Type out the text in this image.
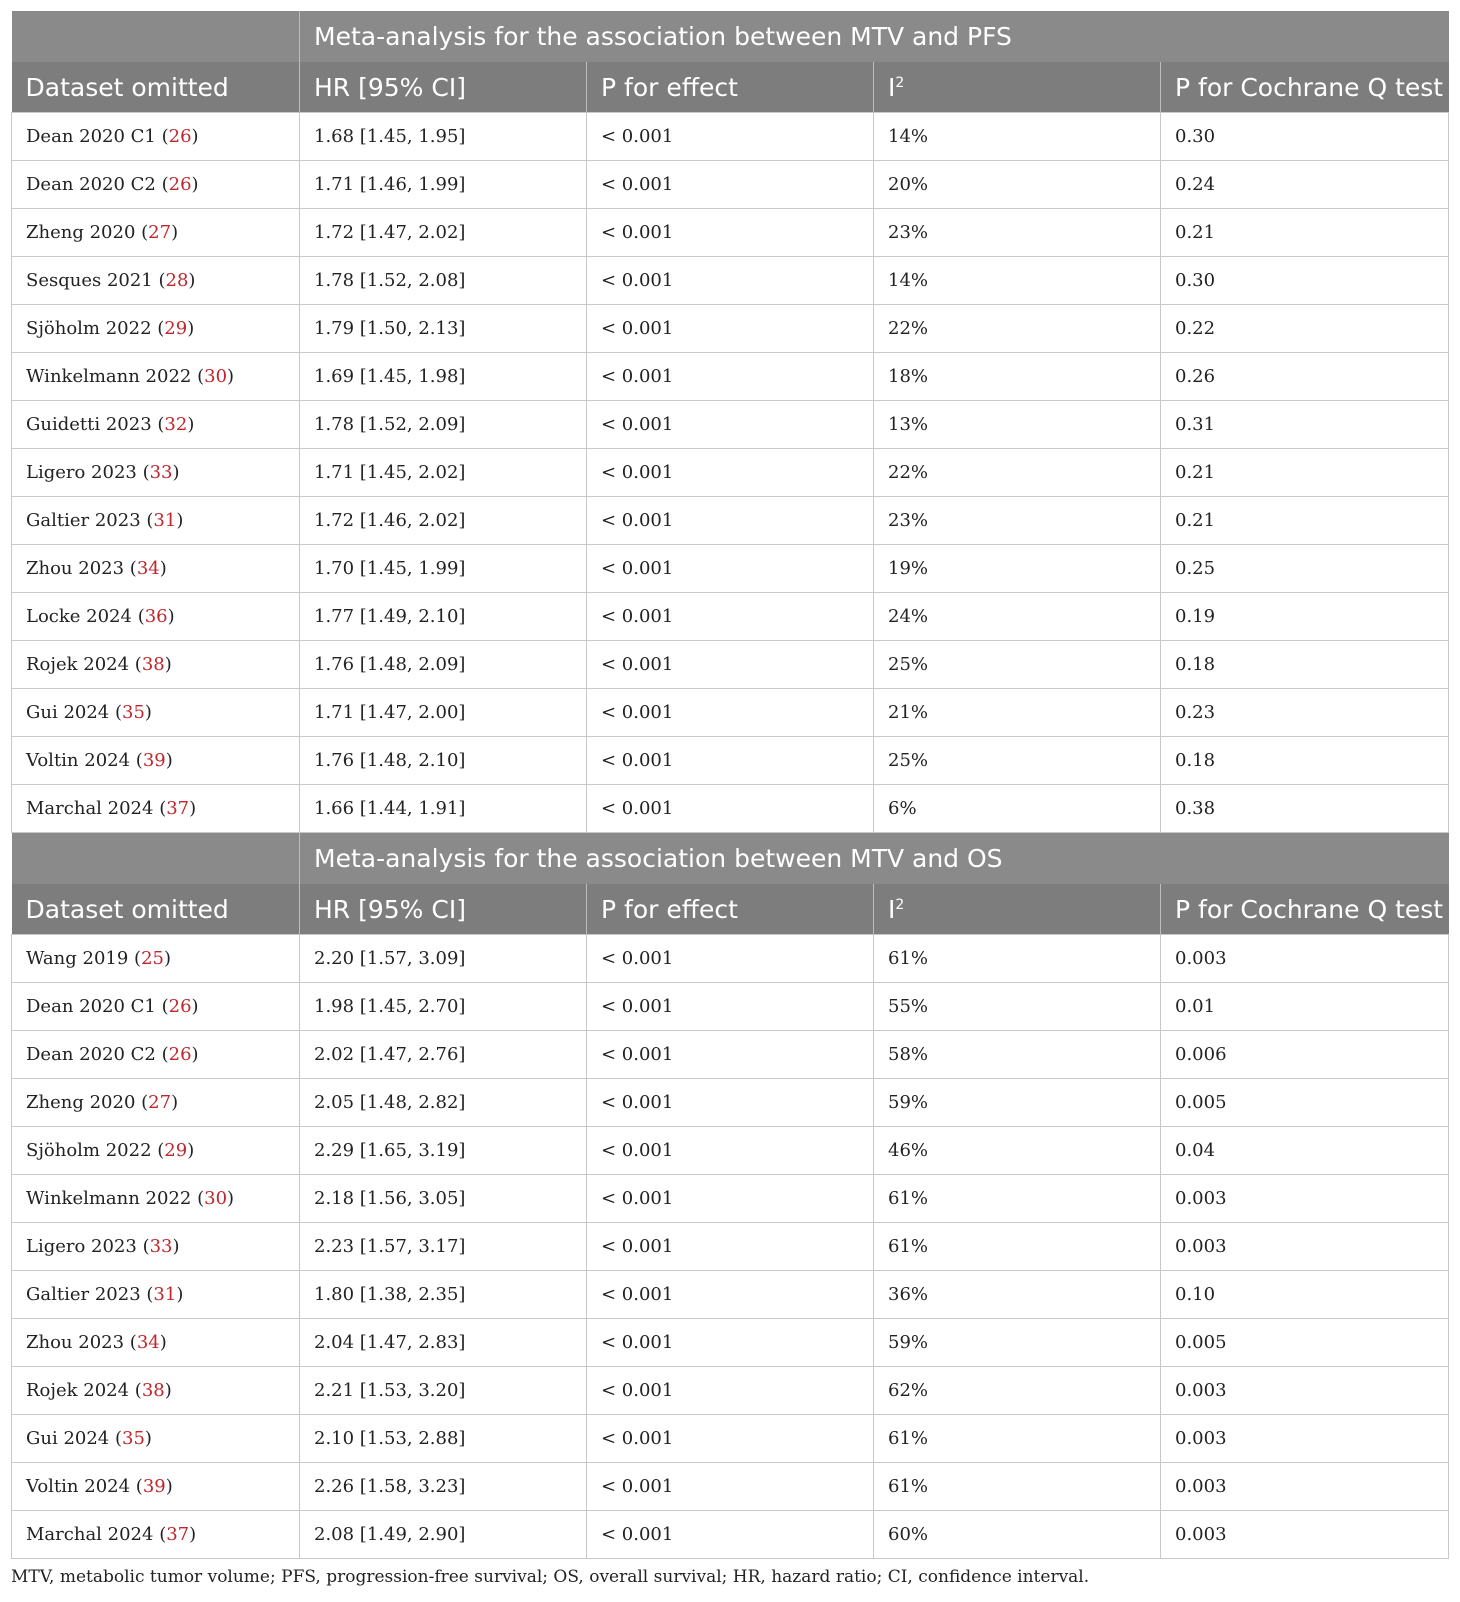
	Meta-analysis for the association between MTV and PFS			
Dataset omitted	HR [95% CI]	P for effect	$I^2$	P for Cochrane Q test
Dean 2020 C1 (26)	1.68 [1.45, 1.95]	< 0.001	14%	0.30
Dean 2020 C2 (26)	1.71 [1.46, 1.99]	< 0.001	20%	0.24
Zheng 2020 (27)	1.72 [1.47, 2.02]	< 0.001	23%	0.21
Sesques 2021 (28)	1.78 [1.52, 2.08]	< 0.001	14%	0.30
Sjöholm 2022 (29)	1.79 [1.50, 2.13]	< 0.001	22%	0.22
Winkelmann 2022 (30)	1.69 [1.45, 1.98]	< 0.001	18%	0.26
Guidetti 2023 (32)	1.78 [1.52, 2.09]	< 0.001	13%	0.31
Ligero 2023 (33)	1.71 [1.45, 2.02]	< 0.001	22%	0.21
Galtier 2023 (31)	1.72 [1.46, 2.02]	< 0.001	23%	0.21
Zhou 2023 (34)	1.70 [1.45, 1.99]	< 0.001	19%	0.25
Locke 2024 (36)	1.77 [1.49, 2.10]	< 0.001	24%	0.19
Rojek 2024 (38)	1.76 [1.48, 2.09]	< 0.001	25%	0.18
Gui 2024 (35)	1.71 [1.47, 2.00]	< 0.001	21%	0.23
Voltin 2024 (39)	1.76 [1.48, 2.10]	< 0.001	25%	0.18
Marchal 2024 (37)	1.66 [1.44, 1.91]	< 0.001	6%	0.38
	Meta-analysis for the association between MTV and OS			
Dataset omitted	HR [95% CI]	P for effect	$I^2$	P for Cochrane Q test
Wang 2019 (25)	2.20 [1.57, 3.09]	< 0.001	61%	0.003
Dean 2020 C1 (26)	1.98 [1.45, 2.70]	< 0.001	55%	0.01
Dean 2020 C2 (26)	2.02 [1.47, 2.76]	< 0.001	58%	0.006
Zheng 2020 (27)	2.05 [1.48, 2.82]	< 0.001	59%	0.005
Sjöholm 2022 (29)	2.29 [1.65, 3.19]	< 0.001	46%	0.04
Winkelmann 2022 (30)	2.18 [1.56, 3.05]	< 0.001	61%	0.003
Ligero 2023 (33)	2.23 [1.57, 3.17]	< 0.001	61%	0.003
Galtier 2023 (31)	1.80 [1.38, 2.35]	< 0.001	36%	0.10
Zhou 2023 (34)	2.04 [1.47, 2.83]	< 0.001	59%	0.005
Rojek 2024 (38)	2.21 [1.53, 3.20]	< 0.001	62%	0.003
Gui 2024 (35)	2.10 [1.53, 2.88]	< 0.001	61%	0.003
Voltin 2024 (39)	2.26 [1.58, 3.23]	< 0.001	61%	0.003
Marchal 2024 (37)	2.08 [1.49, 2.90]	< 0.001	60%	0.003
MTV, metabolic tumor volume; PFS, progression-free survival; OS, overall survival; HR, hazard ratio; CI, confidence interval.
